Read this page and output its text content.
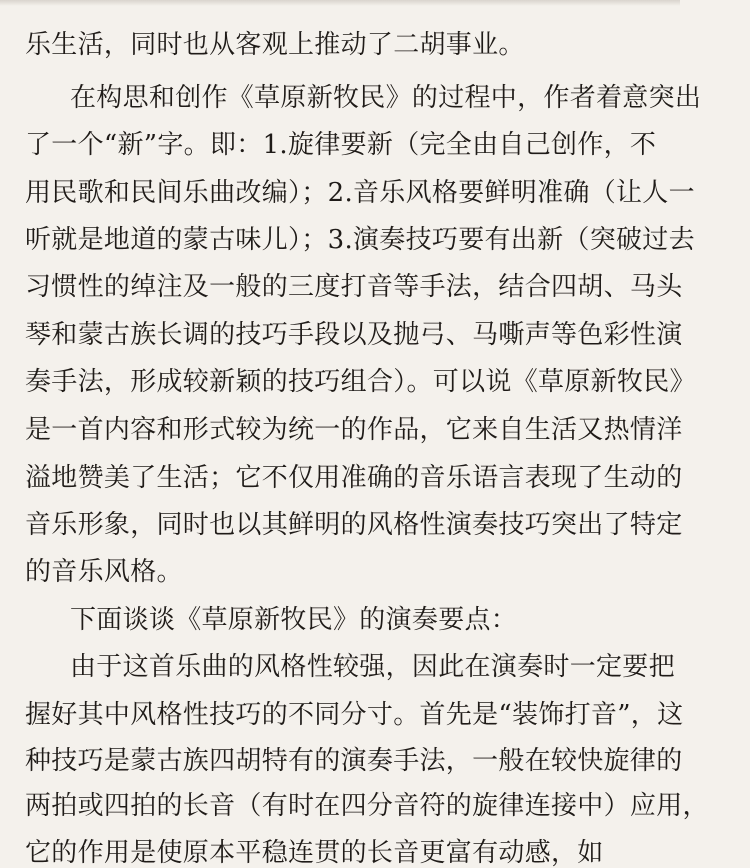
乐生活，同时也从客观上推动了二胡事业。
在构思和创作《草原新牧民》的过程中，作者着意突出
了一个“新”字。即：1.旋律要新（完全由自己创作，不
用民歌和民间乐曲改编）；2.音乐风格要鲜明准确（让人一
听就是地道的蒙古味儿）；3.演奏技巧要有出新（突破过去
习惯性的绰注及一般的三度打音等手法，结合四胡、马头
琴和蒙古族长调的技巧手段以及抛弓、马嘶声等色彩性演
奏手法，形成较新颖的技巧组合）。可以说《草原新牧民》
是一首内容和形式较为统一的作品，它来自生活又热情洋
溢地赞美了生活；它不仅用准确的音乐语言表现了生动的
音乐形象，同时也以其鲜明的风格性演奏技巧突出了特定
的音乐风格。
下面谈谈《草原新牧民》的演奏要点：
由于这首乐曲的风格性较强，因此在演奏时一定要把
握好其中风格性技巧的不同分寸。首先是“装饰打音”，这
种技巧是蒙古族四胡特有的演奏手法，一般在较快旋律的
两拍或四拍的长音（有时在四分音符的旋律连接中）应用，
它的作用是使原本平稳连贯的长音更富有动感，如
